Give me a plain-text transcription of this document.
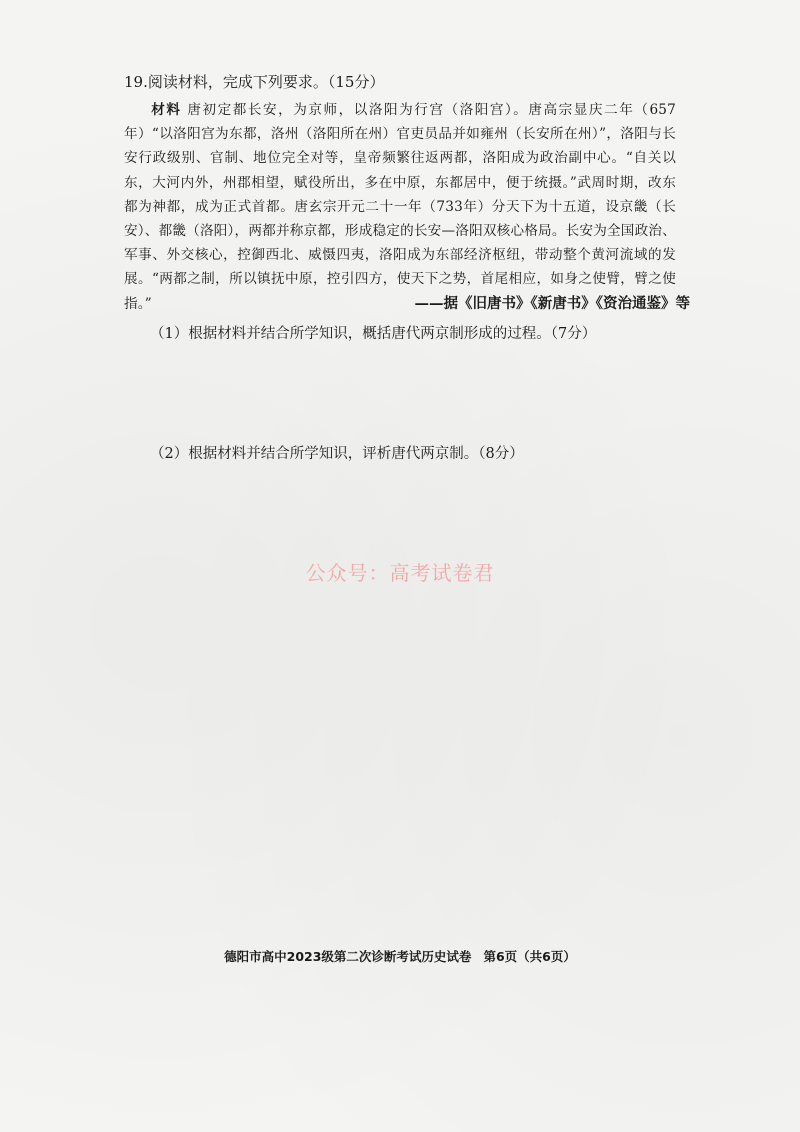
19.阅读材料，完成下列要求。（15分）
材料 唐初定都长安，为京师，以洛阳为行宫（洛阳宫）。唐高宗显庆二年（657年）“以洛阳宫为东都，洛州（洛阳所在州）官吏员品并如雍州（长安所在州）”，洛阳与长安行政级别、官制、地位完全对等，皇帝频繁往返两都，洛阳成为政治副中心。“自关以东，大河内外，州郡相望，赋役所出，多在中原，东都居中，便于统摄。”武周时期，改东都为神都，成为正式首都。唐玄宗开元二十一年（733年）分天下为十五道，设京畿（长安）、都畿（洛阳），两都并称京都，形成稳定的长安—洛阳双核心格局。长安为全国政治、军事、外交核心，控御西北、威慑四夷，洛阳成为东部经济枢纽，带动整个黄河流域的发展。“两都之制，所以镇抚中原，控引四方，使天下之势，首尾相应，如身之使臂，臂之使指。”	——据《旧唐书》《新唐书》《资治通鉴》等
（1）根据材料并结合所学知识，概括唐代两京制形成的过程。（7分）
（2）根据材料并结合所学知识，评析唐代两京制。（8分）
公众号：高考试卷君
德阳市高中2023级第二次诊断考试历史试卷 第6页（共6页）
